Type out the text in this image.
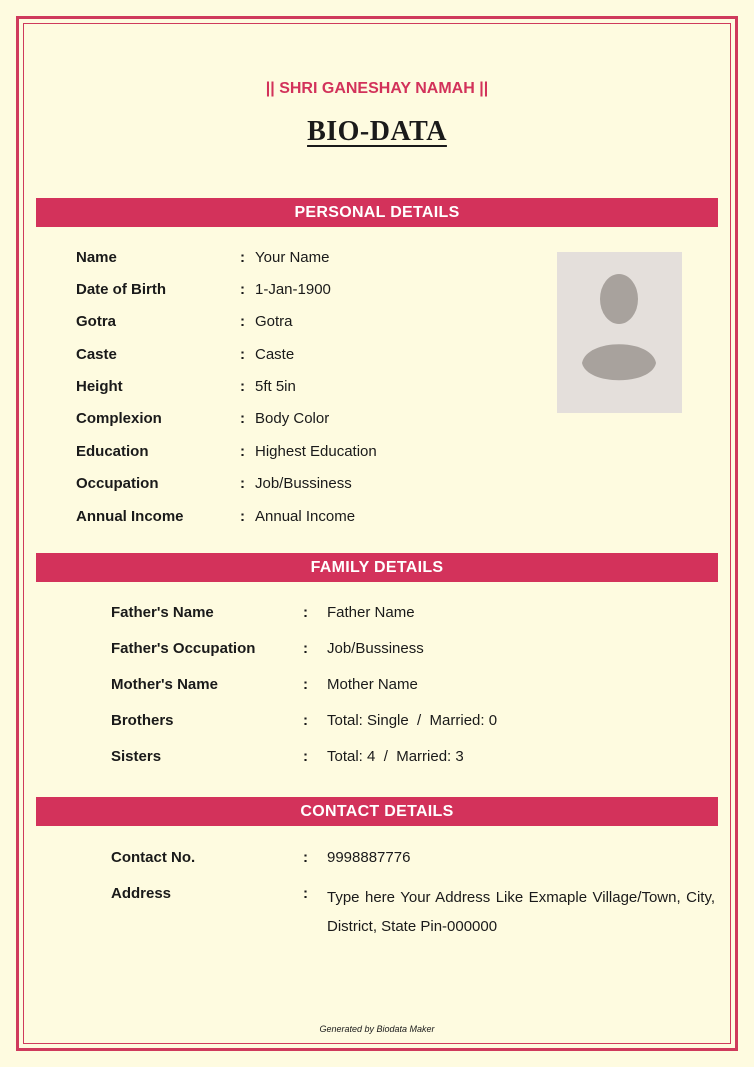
|| SHRI GANESHAY NAMAH ||
BIO-DATA
PERSONAL DETAILS
Name	: Your Name
Date of Birth	: 1-Jan-1900
Gotra	: Gotra
Caste	: Caste
Height	: 5ft 5in
Complexion	: Body Color
Education	: Highest Education
Occupation	: Job/Bussiness
Annual Income	: Annual Income
FAMILY DETAILS
Father's Name	: Father Name
Father's Occupation	: Job/Bussiness
Mother's Name	: Mother Name
Brothers	: Total: Single  /  Married: 0
Sisters	: Total: 4  /  Married: 3
CONTACT DETAILS
Contact No.	: 9998887776
Address	: Type here Your Address Like Exmaple Village/Town, City, District, State Pin-000000
Generated by Biodata Maker
